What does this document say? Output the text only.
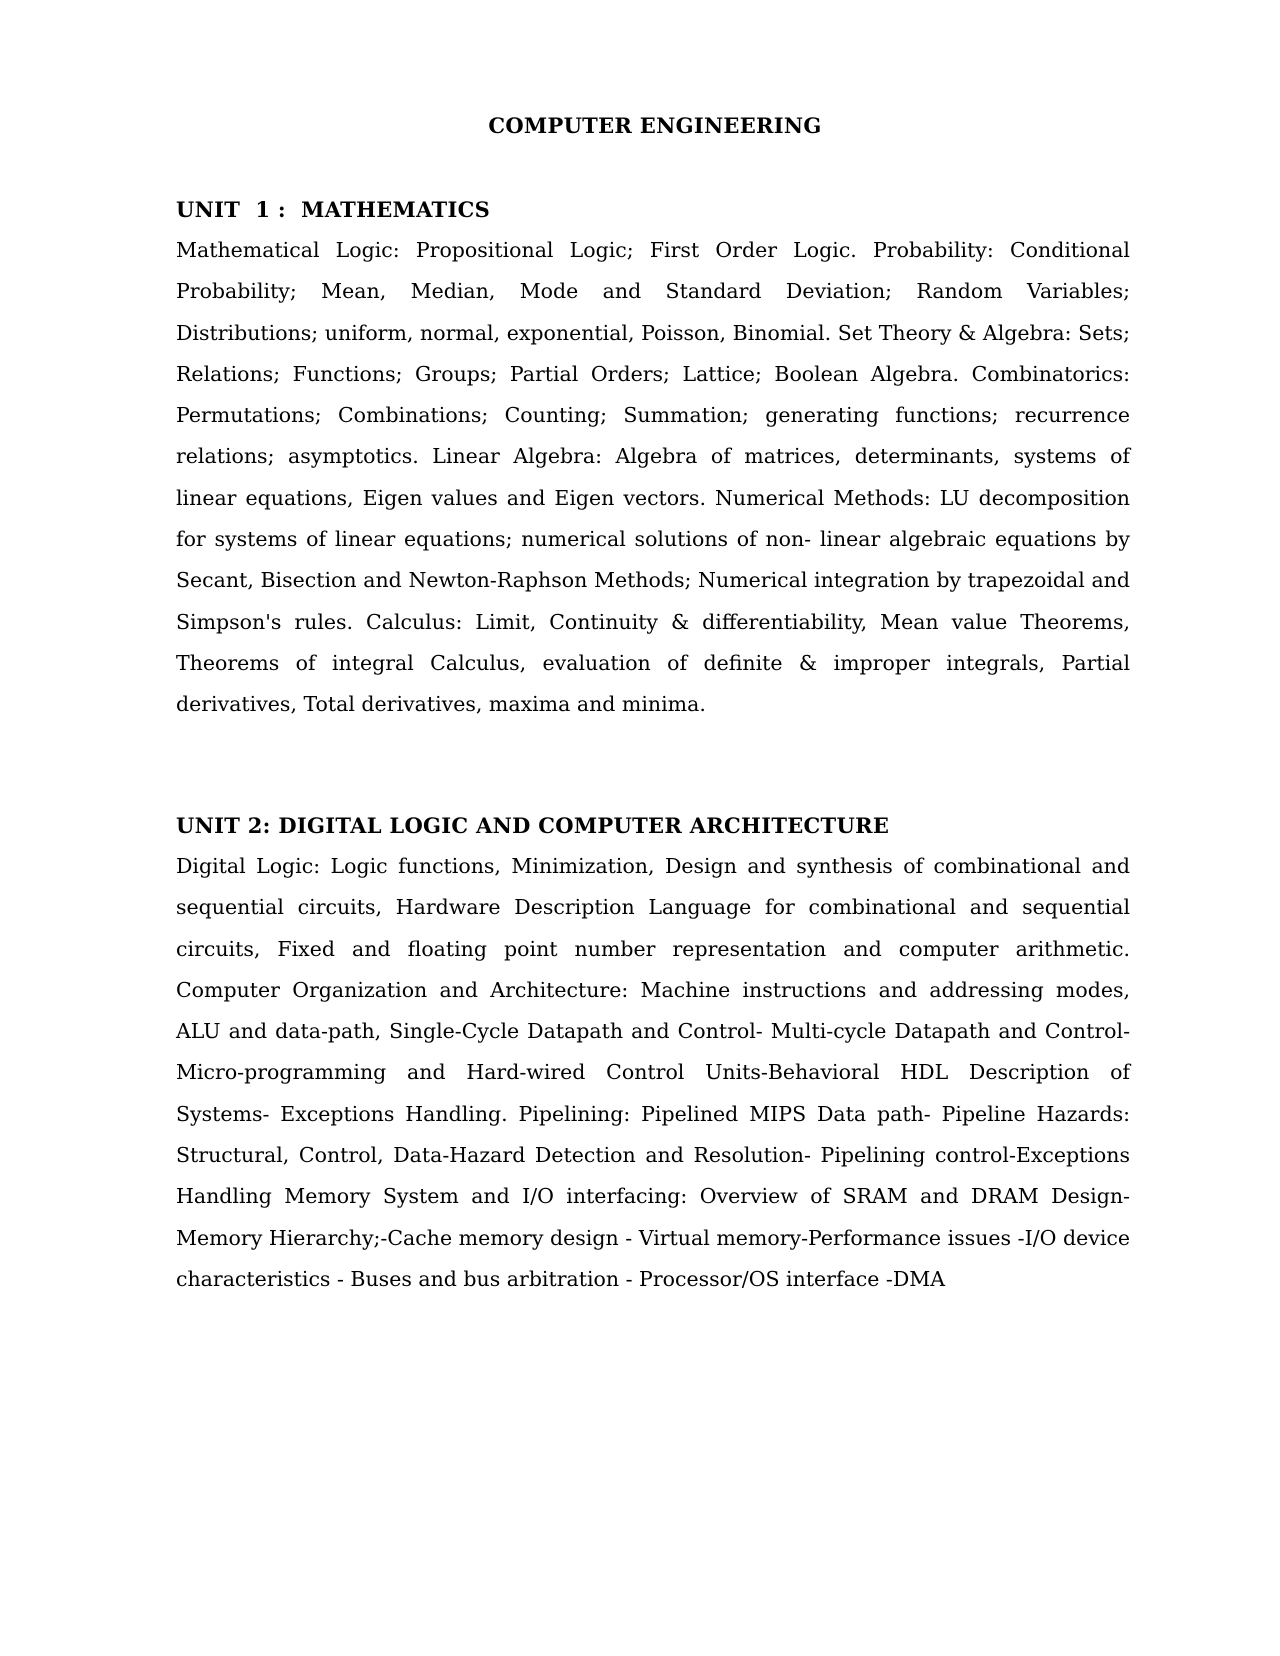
COMPUTER ENGINEERING
UNIT  1 :  MATHEMATICS

Mathematical Logic: Propositional Logic; First Order Logic. Probability: Conditional Probability; Mean, Median, Mode and Standard Deviation; Random Variables; Distributions; uniform, normal, exponential, Poisson, Binomial. Set Theory & Algebra: Sets; Relations; Functions; Groups; Partial Orders; Lattice; Boolean Algebra. Combinatorics: Permutations; Combinations; Counting; Summation; generating functions; recurrence relations; asymptotics. Linear Algebra: Algebra of matrices, determinants, systems of linear equations, Eigen values and Eigen vectors. Numerical Methods: LU decomposition for systems of linear equations; numerical solutions of non- linear algebraic equations by Secant, Bisection and Newton-Raphson Methods; Numerical integration by trapezoidal and Simpson's rules. Calculus: Limit, Continuity & differentiability, Mean value Theorems, Theorems of integral Calculus, evaluation of definite & improper integrals, Partial derivatives, Total derivatives, maxima and minima.

UNIT 2: DIGITAL LOGIC AND COMPUTER ARCHITECTURE

Digital Logic: Logic functions, Minimization, Design and synthesis of combinational and sequential circuits, Hardware Description Language for combinational and sequential circuits, Fixed and floating point number representation and computer arithmetic. Computer Organization and Architecture: Machine instructions and addressing modes, ALU and data-path, Single-Cycle Datapath and Control- Multi-cycle Datapath and Control-Micro-programming and Hard-wired Control Units-Behavioral HDL Description of Systems- Exceptions Handling. Pipelining: Pipelined MIPS Data path- Pipeline Hazards: Structural, Control, Data-Hazard Detection and Resolution- Pipelining control-Exceptions Handling Memory System and I/O interfacing: Overview of SRAM and DRAM Design- Memory Hierarchy;-Cache memory design - Virtual memory-Performance issues -I/O device characteristics - Buses and bus arbitration - Processor/OS interface -DMA
